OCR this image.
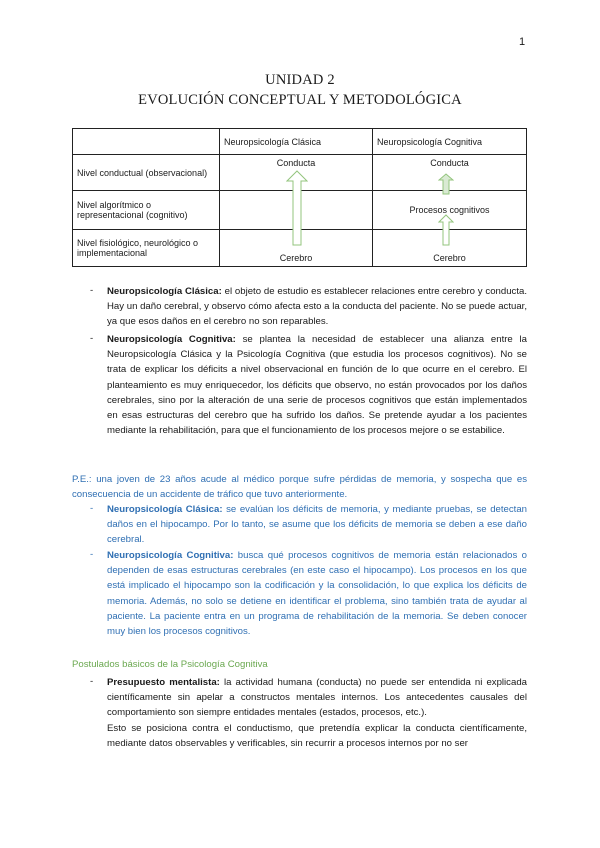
1
UNIDAD 2
EVOLUCIÓN CONCEPTUAL Y METODOLÓGICA
	Neuropsicología Clásica	Neuropsicología Cognitiva
Nivel conductual (observacional)	Conducta	Conducta
Nivel algorítmico o representacional (cognitivo)		Procesos cognitivos
Nivel fisiológico, neurológico o implementacional	Cerebro	Cerebro
- Neuropsicología Clásica: el objeto de estudio es establecer relaciones entre cerebro y conducta. Hay un daño cerebral, y observo cómo afecta esto a la conducta del paciente. No se puede actuar, ya que esos daños en el cerebro no son reparables.
- Neuropsicología Cognitiva: se plantea la necesidad de establecer una alianza entre la Neuropsicología Clásica y la Psicología Cognitiva (que estudia los procesos cognitivos). No se trata de explicar los déficits a nivel observacional en función de lo que ocurre en el cerebro. El planteamiento es muy enriquecedor, los déficits que observo, no están provocados por los daños cerebrales, sino por la alteración de una serie de procesos cognitivos que están implementados en esas estructuras del cerebro que ha sufrido los daños. Se pretende ayudar a los pacientes mediante la rehabilitación, para que el funcionamiento de los procesos mejore o se estabilice.
P.E.: una joven de 23 años acude al médico porque sufre pérdidas de memoria, y sospecha que es consecuencia de un accidente de tráfico que tuvo anteriormente.
- Neuropsicología Clásica: se evalúan los déficits de memoria, y mediante pruebas, se detectan daños en el hipocampo. Por lo tanto, se asume que los déficits de memoria se deben a ese daño cerebral.
- Neuropsicología Cognitiva: busca qué procesos cognitivos de memoria están relacionados o dependen de esas estructuras cerebrales (en este caso el hipocampo). Los procesos en los que está implicado el hipocampo son la codificación y la consolidación, lo que explica los déficits de memoria. Además, no solo se detiene en identificar el problema, sino también trata de ayudar al paciente. La paciente entra en un programa de rehabilitación de la memoria. Se deben conocer muy bien los procesos cognitivos.
Postulados básicos de la Psicología Cognitiva
- Presupuesto mentalista: la actividad humana (conducta) no puede ser entendida ni explicada científicamente sin apelar a constructos mentales internos. Los antecedentes causales del comportamiento son siempre entidades mentales (estados, procesos, etc.).
Esto se posiciona contra el conductismo, que pretendía explicar la conducta científicamente, mediante datos observables y verificables, sin recurrir a procesos internos por no ser
